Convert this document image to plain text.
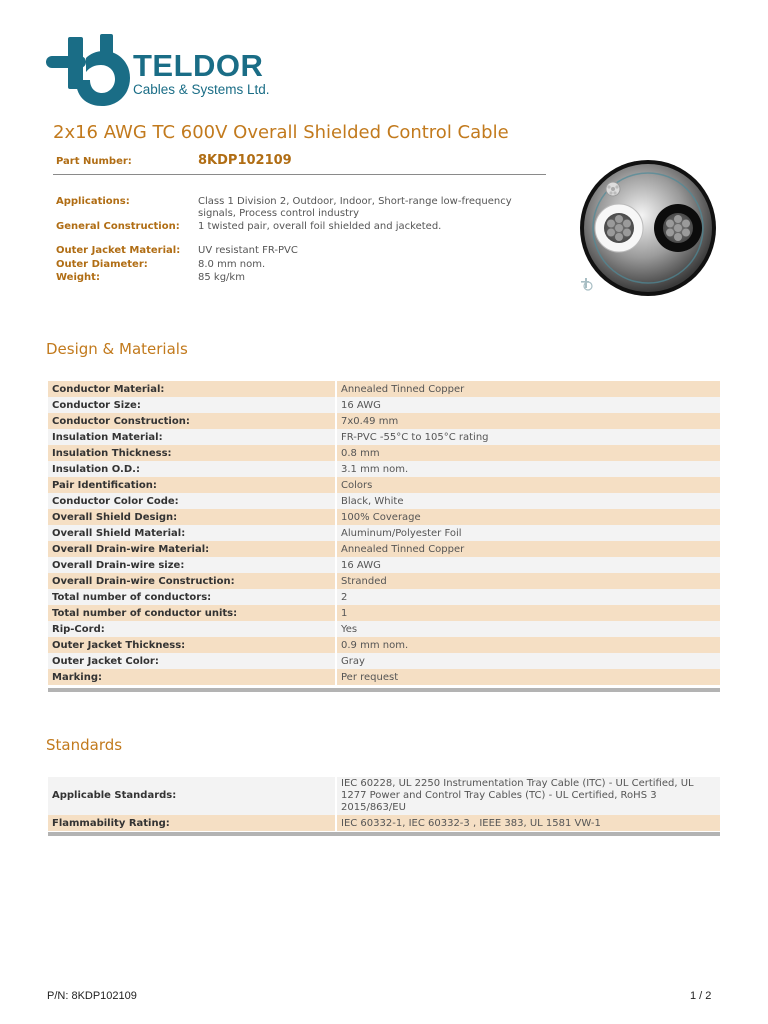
TELDOR
Cables & Systems Ltd.
2x16 AWG TC 600V Overall Shielded Control Cable
Part Number:	8KDP102109
Applications:	Class 1 Division 2, Outdoor, Indoor, Short-range low-frequency signals, Process control industry
General Construction:	1 twisted pair, overall foil shielded and jacketed.
Outer Jacket Material:	UV resistant FR-PVC
Outer Diameter:	8.0 mm nom.
Weight:	85 kg/km
Design & Materials
Conductor Material:	Annealed Tinned Copper
Conductor Size:	16 AWG
Conductor Construction:	7x0.49 mm
Insulation Material:	FR-PVC -55°C to 105°C rating
Insulation Thickness:	0.8 mm
Insulation O.D.:	3.1 mm nom.
Pair Identification:	Colors
Conductor Color Code:	Black, White
Overall Shield Design:	100% Coverage
Overall Shield Material:	Aluminum/Polyester Foil
Overall Drain-wire Material:	Annealed Tinned Copper
Overall Drain-wire size:	16 AWG
Overall Drain-wire Construction:	Stranded
Total number of conductors:	2
Total number of conductor units:	1
Rip-Cord:	Yes
Outer Jacket Thickness:	0.9 mm nom.
Outer Jacket Color:	Gray
Marking:	Per request
Standards
Applicable Standards:	IEC 60228, UL 2250 Instrumentation Tray Cable (ITC) - UL Certified, UL 1277 Power and Control Tray Cables (TC) - UL Certified, RoHS 3 2015/863/EU
Flammability Rating:	IEC 60332-1, IEC 60332-3 , IEEE 383, UL 1581 VW-1
P/N: 8KDP102109	1 / 2
